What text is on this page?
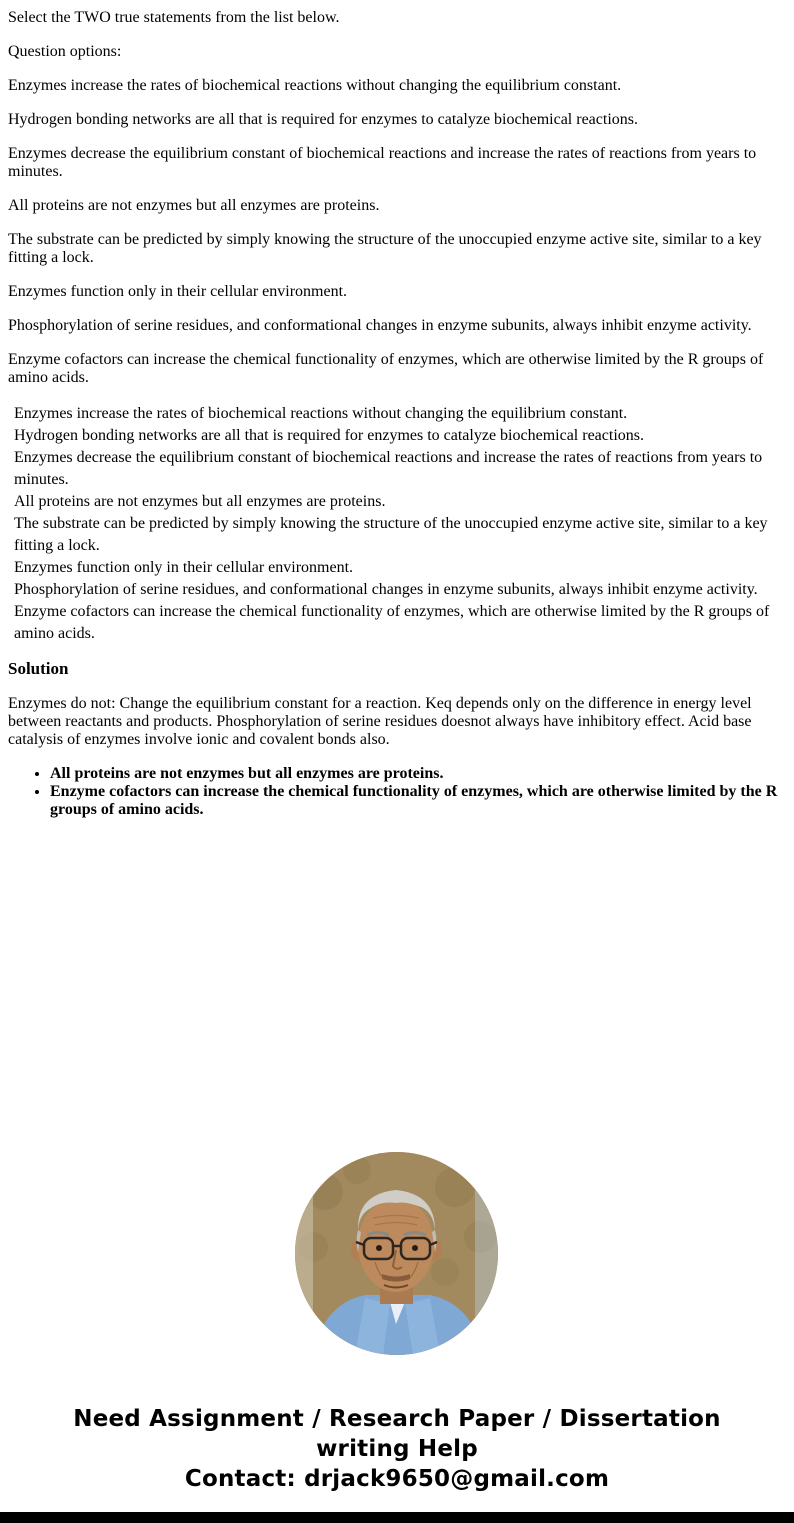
Select the TWO true statements from the list below.

Question options:

Enzymes increase the rates of biochemical reactions without changing the equilibrium constant.

Hydrogen bonding networks are all that is required for enzymes to catalyze biochemical reactions.

Enzymes decrease the equilibrium constant of biochemical reactions and increase the rates of reactions from years to minutes.

All proteins are not enzymes but all enzymes are proteins.

The substrate can be predicted by simply knowing the structure of the unoccupied enzyme active site, similar to a key fitting a lock.

Enzymes function only in their cellular environment.

Phosphorylation of serine residues, and conformational changes in enzyme subunits, always inhibit enzyme activity.

Enzyme cofactors can increase the chemical functionality of enzymes, which are otherwise limited by the R groups of amino acids.

Enzymes increase the rates of biochemical reactions without changing the equilibrium constant.
Hydrogen bonding networks are all that is required for enzymes to catalyze biochemical reactions.
Enzymes decrease the equilibrium constant of biochemical reactions and increase the rates of reactions from years to minutes.
All proteins are not enzymes but all enzymes are proteins.
The substrate can be predicted by simply knowing the structure of the unoccupied enzyme active site, similar to a key fitting a lock.
Enzymes function only in their cellular environment.
Phosphorylation of serine residues, and conformational changes in enzyme subunits, always inhibit enzyme activity.
Enzyme cofactors can increase the chemical functionality of enzymes, which are otherwise limited by the R groups of amino acids.
Solution

Enzymes do not: Change the equilibrium constant for a reaction. Keq depends only on the difference in energy level between reactants and products. Phosphorylation of serine residues doesnot always have inhibitory effect. Acid base catalysis of enzymes involve ionic and covalent bonds also.

• All proteins are not enzymes but all enzymes are proteins.
• Enzyme cofactors can increase the chemical functionality of enzymes, which are otherwise limited by the R groups of amino acids.
Need Assignment / Research Paper / Dissertation writing Help
Contact: drjack9650@gmail.com
